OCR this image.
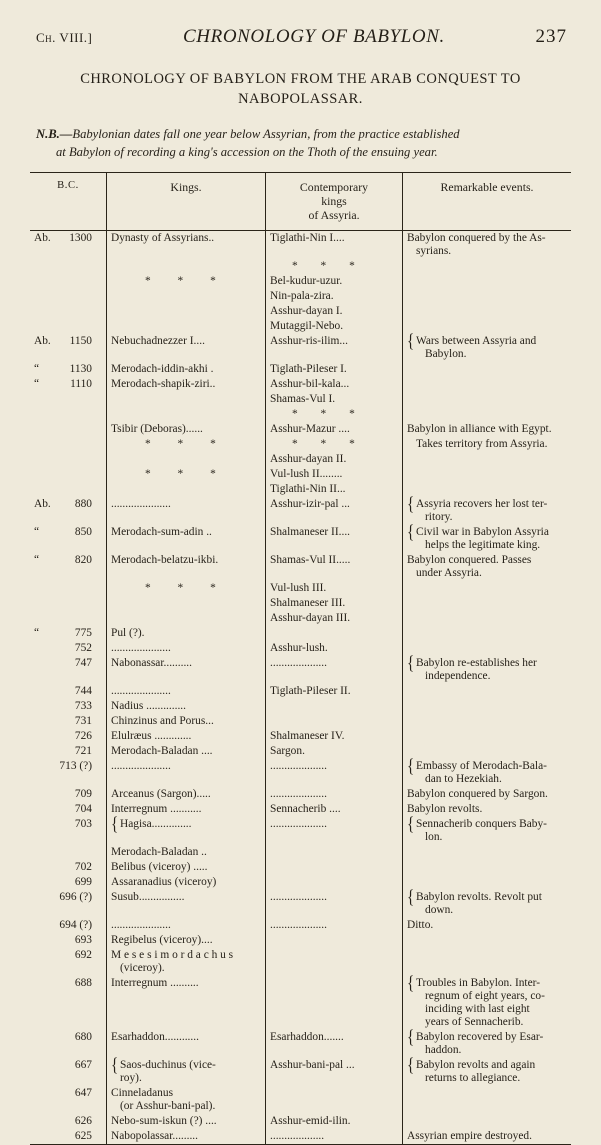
Ch. VIII.]	CHRONOLOGY OF BABYLON.	237
CHRONOLOGY OF BABYLON FROM THE ARAB CONQUEST TO
NABOPOLASSAR.
N.B.—Babylonian dates fall one year below Assyrian, from the practice established
at Babylon of recording a king's accession on the Thoth of the ensuing year.
B.C.	Kings.	Contemporary
kings
of Assyria.	Remarkable events.

Ab. 1300	Dynasty of Assyrians..	Tiglathi-Nin I....	Babylon conquered by the As-
syrians.

		* * *	
	* * *	Bel-kudur-uzur.	
		Nin-pala-zira.	
		Asshur-dayan I.	
		Mutaggil-Nebo.	

Ab. 1150	Nebuchadnezzer I....	Asshur-ris-ilim...	{ Wars between Assyria and
Babylon.

“ 1130	Merodach-iddin-akhi .	Tiglath-Pileser I.	

“ 1110	Merodach-shapik-ziri..	Asshur-bil-kala...	
		Shamas-Vul I.	
		* * *	
	Tsibir (Deboras)......	Asshur-Mazur ....	Babylon in alliance with Egypt.

	* * *	* * *	Takes territory from Assyria.

		Asshur-dayan II.	
	* * *	Vul-lush II........	
		Tiglathi-Nin II...	

Ab. 880	.....................	Asshur-izir-pal ...	{ Assyria recovers her lost ter-
ritory.

“ 850	Merodach-sum-adin ..	Shalmaneser II....	{ Civil war in Babylon Assyria
helps the legitimate king.

“ 820	Merodach-belatzu-ikbi.	Shamas-Vul II.....	Babylon conquered. Passes
under Assyria.

	* * *	Vul-lush III.	
		Shalmaneser III.	
		Asshur-dayan III.	

“ 775	Pul (?).		

752	.....................	Asshur-lush.	

747	Nabonassar..........	....................	{ Babylon re-establishes her
independence.

744	.....................	Tiglath-Pileser II.	

733	Nadius ..............		

731	Chinzinus and Porus...		

726	Elulræus .............	Shalmaneser IV.	

721	Merodach-Baladan ....	Sargon.	

713 (?)	.....................	....................	{ Embassy of Merodach-Bala-
dan to Hezekiah.

709	Arceanus (Sargon).....	....................	Babylon conquered by Sargon.

704	Interregnum ...........	Sennacherib ....	Babylon revolts.

703	{ Hagisa..............	....................	{ Sennacherib conquers Baby-
lon.

	Merodach-Baladan ..		

702	Belibus (viceroy) .....		

699	Assaranadius (viceroy)		

696 (?)	Susub................	....................	{ Babylon revolts. Revolt put
down.

694 (?)	.....................	....................	Ditto.

693	Regibelus (viceroy)....		

692	M e s e s i m o r d a c h u s
(viceroy).		

688	Interregnum ..........		{ Troubles in Babylon. Inter-
regnum of eight years, co-
inciding with last eight
years of Sennacherib.

680	Esarhaddon............	Esarhaddon.......	{ Babylon recovered by Esar-
haddon.

667	{ Saos-duchinus (vice-
roy).	Asshur-bani-pal ...	{ Babylon revolts and again
returns to allegiance.

647	Cinneladanus
(or Asshur-bani-pal).		

626	Nebo-sum-iskun (?) ....	Asshur-emid-ilin.	

625	Nabopolassar.........	...................	Assyrian empire destroyed.
